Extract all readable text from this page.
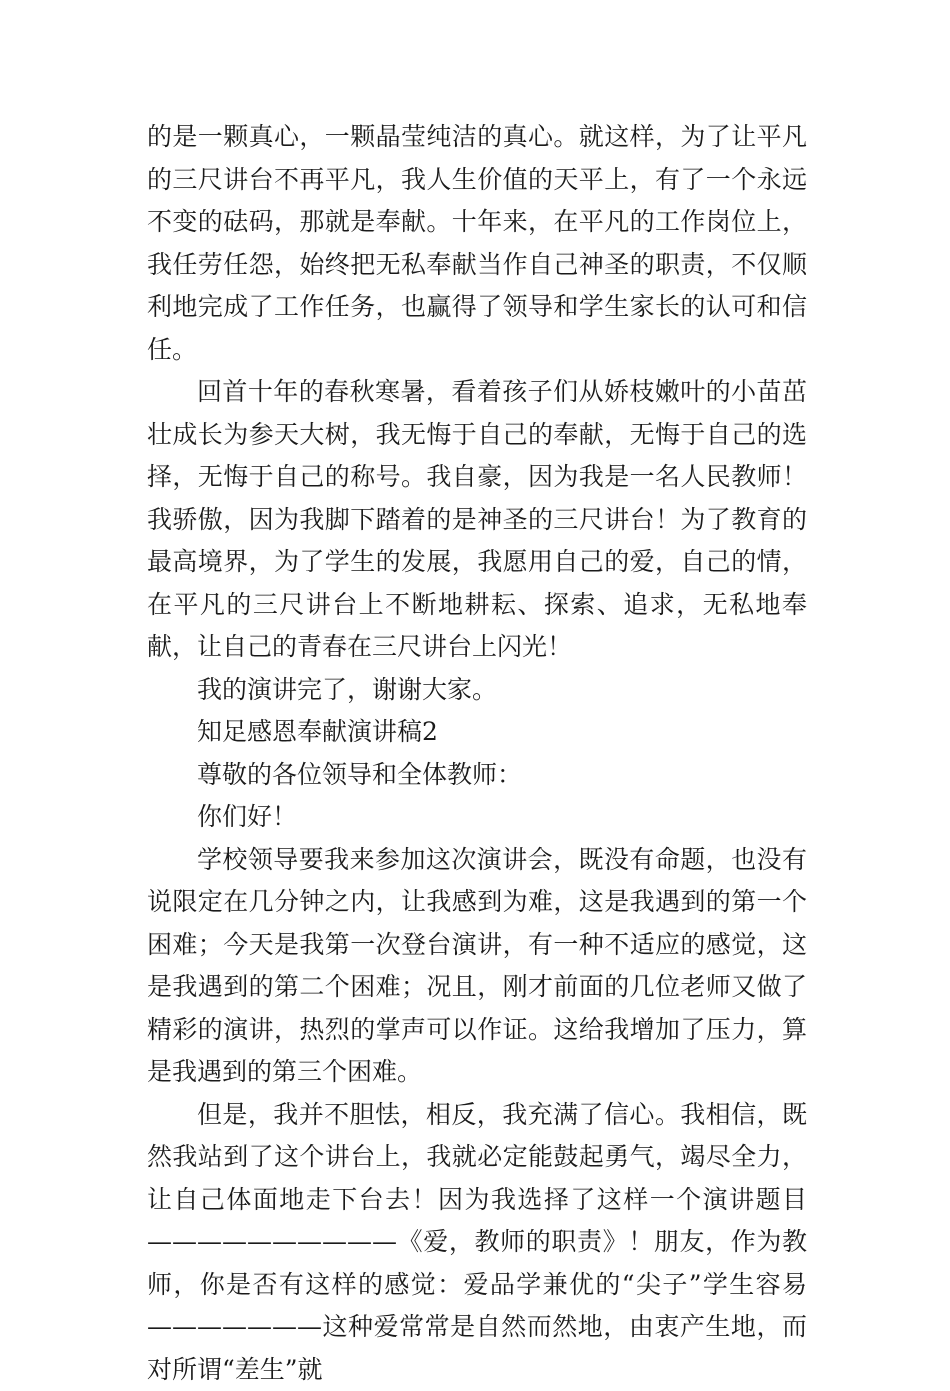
的是一颗真心，一颗晶莹纯洁的真心。就这样，为了让平凡的三尺讲台不再平凡，我人生价值的天平上，有了一个永远不变的砝码，那就是奉献。十年来，在平凡的工作岗位上，我任劳任怨，始终把无私奉献当作自己神圣的职责，不仅顺利地完成了工作任务，也赢得了领导和学生家长的认可和信任。

回首十年的春秋寒暑，看着孩子们从娇枝嫩叶的小苗茁壮成长为参天大树，我无悔于自己的奉献，无悔于自己的选择，无悔于自己的称号。我自豪，因为我是一名人民教师！我骄傲，因为我脚下踏着的是神圣的三尺讲台！为了教育的最高境界，为了学生的发展，我愿用自己的爱，自己的情，在平凡的三尺讲台上不断地耕耘、探索、追求，无私地奉献，让自己的青春在三尺讲台上闪光！

我的演讲完了，谢谢大家。

知足感恩奉献演讲稿2

尊敬的各位领导和全体教师：

你们好！

学校领导要我来参加这次演讲会，既没有命题，也没有说限定在几分钟之内，让我感到为难，这是我遇到的第一个困难；今天是我第一次登台演讲，有一种不适应的感觉，这是我遇到的第二个困难；况且，刚才前面的几位老师又做了精彩的演讲，热烈的掌声可以作证。这给我增加了压力，算是我遇到的第三个困难。

但是，我并不胆怯，相反，我充满了信心。我相信，既然我站到了这个讲台上，我就必定能鼓起勇气，竭尽全力，让自己体面地走下台去！因为我选择了这样一个演讲题目——————————《爱，教师的职责》！朋友，作为教师，你是否有这样的感觉：爱品学兼优的“尖子”学生容易———————这种爱常常是自然而然地，由衷产生地，而对所谓“差生”就
